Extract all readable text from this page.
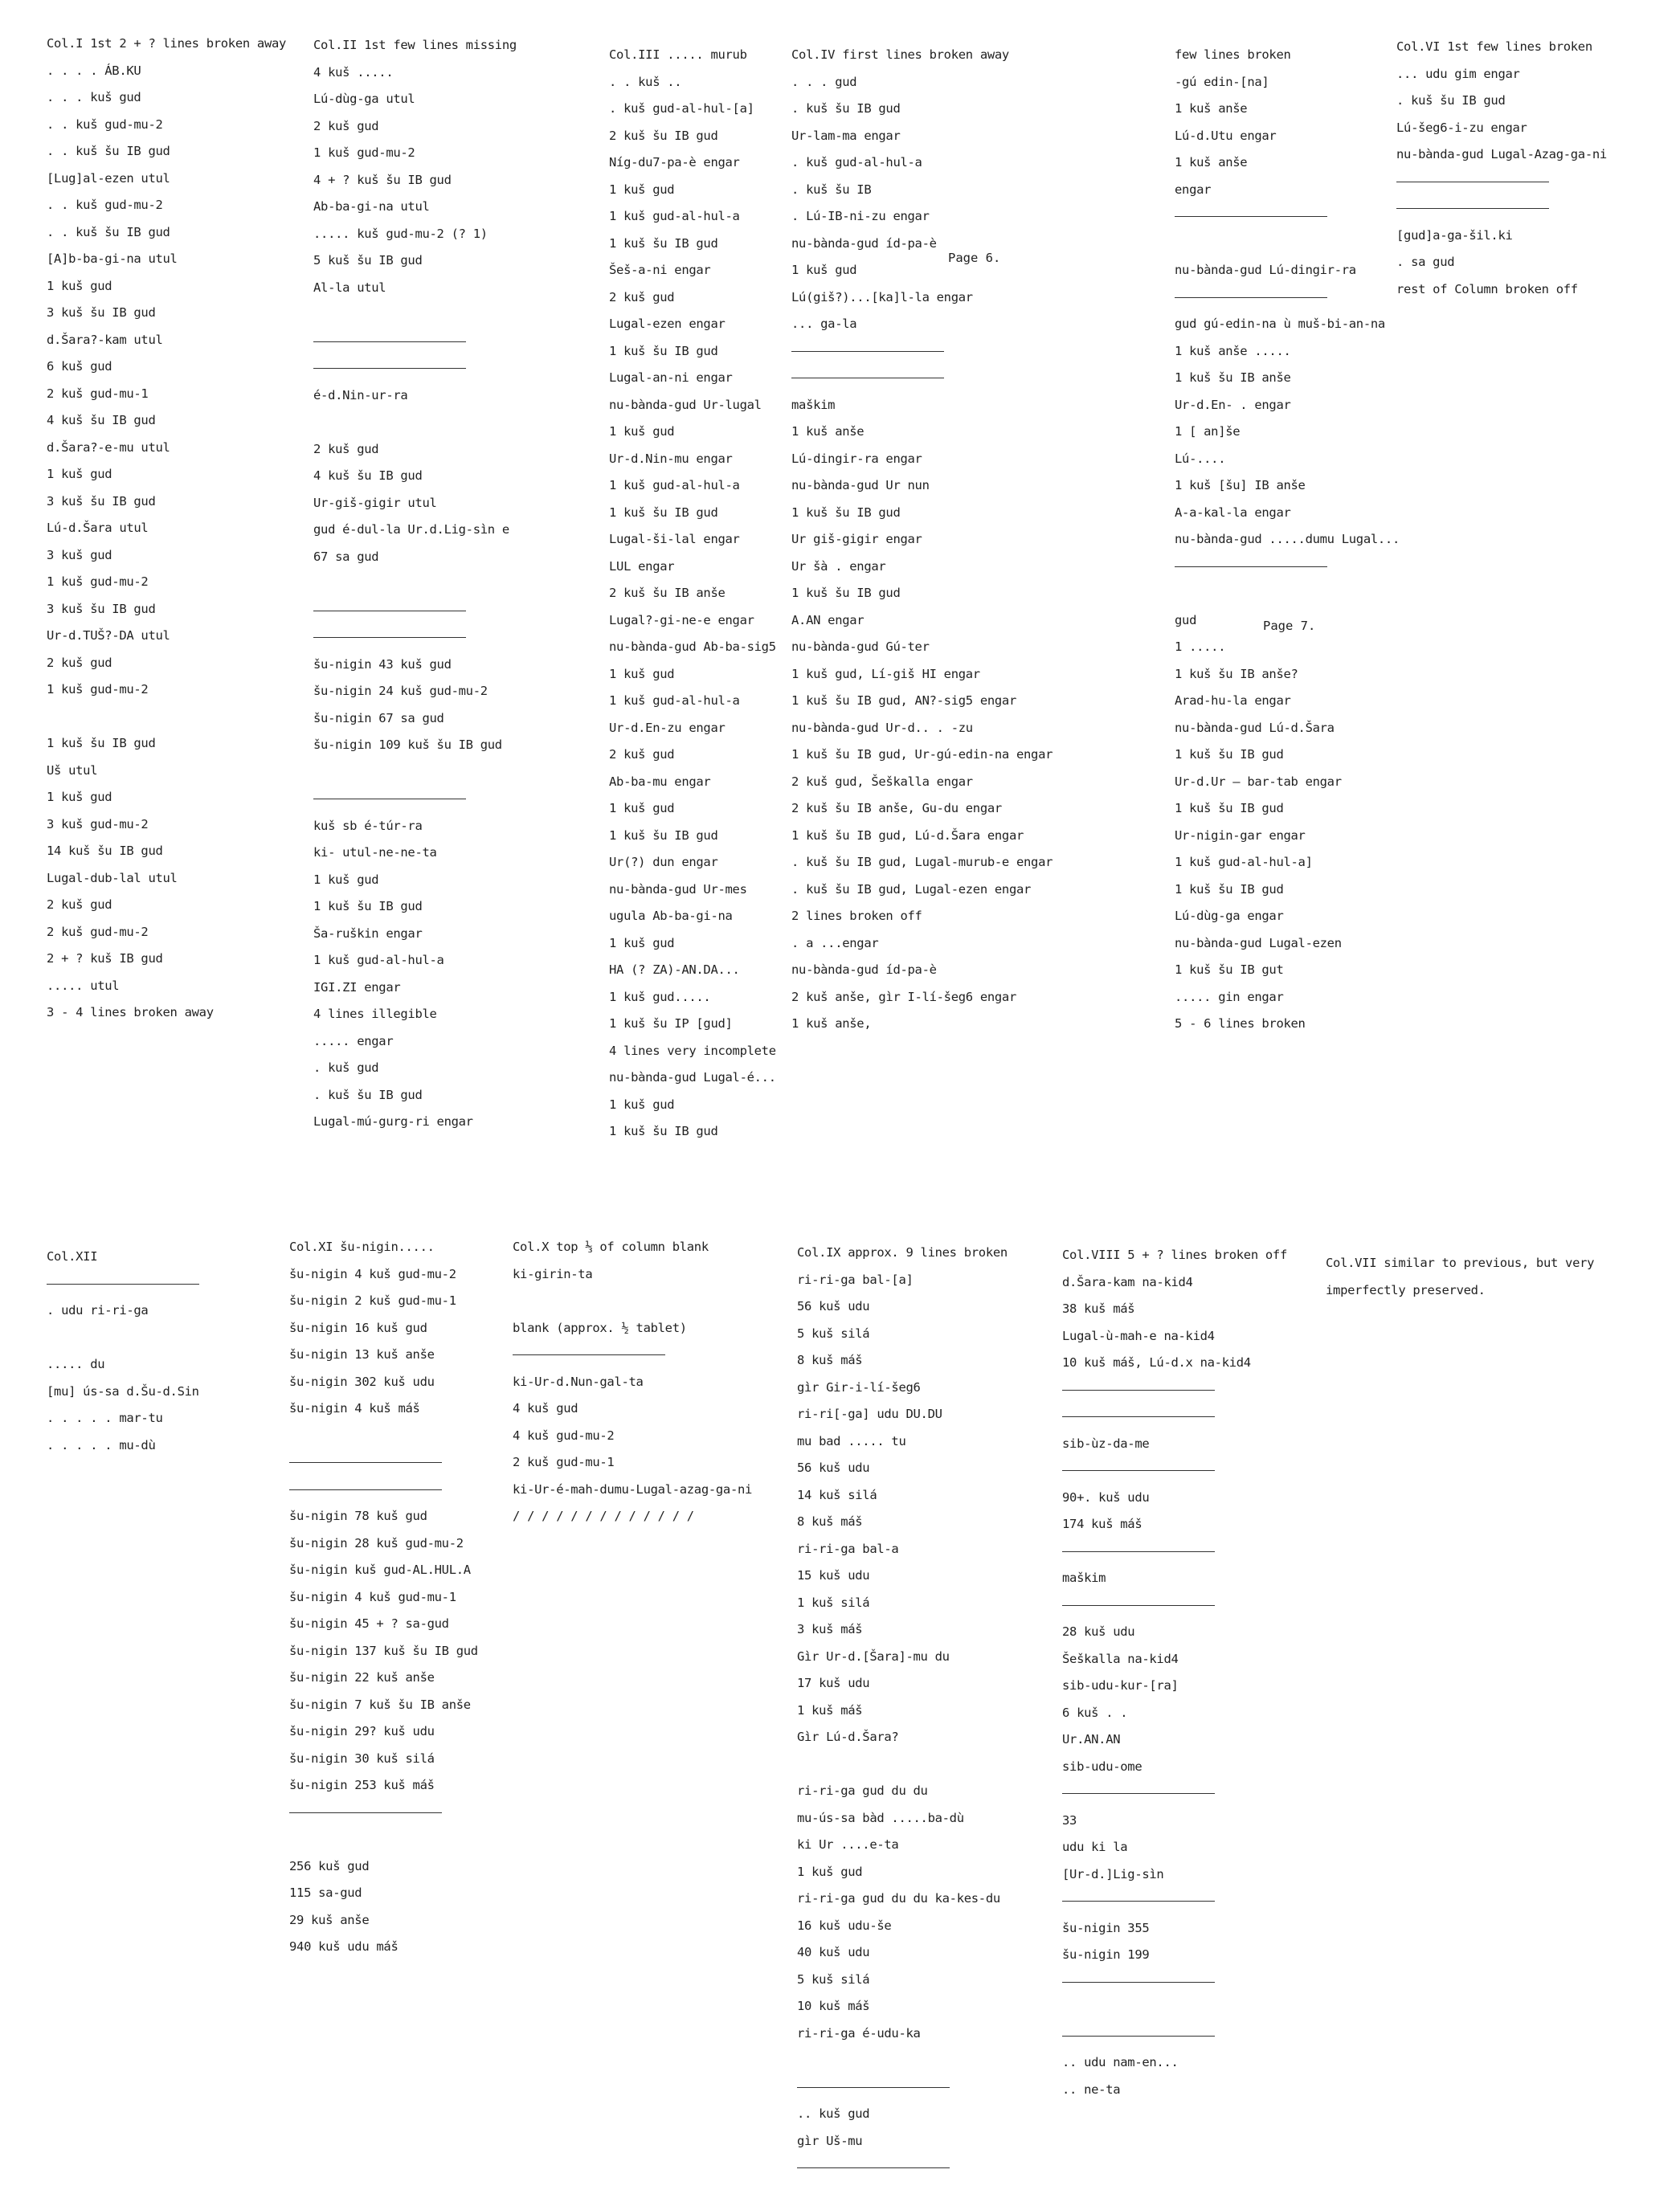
Col.I 1st 2 + ? lines broken away
. . . . ÁB.KU
. . . kuš gud
. . kuš gud-mu-2
. . kuš šu IB gud
[Lug]al-ezen utul
. . kuš gud-mu-2
. . kuš šu IB gud
[A]b-ba-gi-na utul
1 kuš gud
3 kuš šu IB gud
d.Šara?-kam utul
6 kuš gud
2 kuš gud-mu-1
4 kuš šu IB gud
d.Šara?-e-mu utul
1 kuš gud
3 kuš šu IB gud
Lú-d.Šara utul
3 kuš gud
1 kuš gud-mu-2
3 kuš šu IB gud
Ur-d.TUŠ?-DA utul
2 kuš gud
1 kuš gud-mu-2
1 kuš šu IB gud
Uš utul
1 kuš gud
3 kuš gud-mu-2
14 kuš šu IB gud
Lugal-dub-lal utul
2 kuš gud
2 kuš gud-mu-2
2 + ? kuš IB gud
..... utul
3 - 4 lines broken away
Col.II 1st few lines missing
4 kuš .....
Lú-dùg-ga utul
2 kuš gud
1 kuš gud-mu-2
4 + ? kuš šu IB gud
Ab-ba-gi-na utul
..... kuš gud-mu-2 (? 1)
5 kuš šu IB gud
Al-la utul
é-d.Nin-ur-ra
2 kuš gud
4 kuš šu IB gud
Ur-giš-gigir utul
gud é-dul-la Ur.d.Lig-sìn e
67 sa gud
šu-nigin 43 kuš gud
šu-nigin 24 kuš gud-mu-2
šu-nigin 67 sa gud
šu-nigin 109 kuš šu IB gud
kuš sb é-túr-ra
ki- utul-ne-ne-ta
1 kuš gud
1 kuš šu IB gud
Ša-ruškin engar
1 kuš gud-al-hul-a
IGI.ZI engar
4 lines illegible
..... engar
. kuš gud
. kuš šu IB gud
Lugal-mú-gurg-ri engar
Col.III ..... murub
. . kuš ..
. kuš gud-al-hul-[a]
2 kuš šu IB gud
Níg-du7-pa-è engar
1 kuš gud
1 kuš gud-al-hul-a
1 kuš šu IB gud
Šeš-a-ni engar
2 kuš gud
Lugal-ezen engar
1 kuš šu IB gud
Lugal-an-ni engar
nu-bànda-gud Ur-lugal
1 kuš gud
Ur-d.Nin-mu engar
1 kuš gud-al-hul-a
1 kuš šu IB gud
Lugal-ši-lal engar
LUL engar
2 kuš šu IB anše
Lugal?-gi-ne-e engar
nu-bànda-gud Ab-ba-sig5
1 kuš gud
1 kuš gud-al-hul-a
Ur-d.En-zu engar
2 kuš gud
Ab-ba-mu engar
1 kuš gud
1 kuš šu IB gud
Ur(?) dun engar
nu-bànda-gud Ur-mes
ugula Ab-ba-gi-na
1 kuš gud
HA (? ZA)-AN.DA...
1 kuš gud.....
1 kuš šu IP [gud]
4 lines very incomplete
nu-bànda-gud Lugal-é...
1 kuš gud
1 kuš šu IB gud
Col.IV first lines broken away
. . . gud
. kuš šu IB gud
Ur-lam-ma engar
. kuš gud-al-hul-a
. kuš šu IB
. Lú-IB-ni-zu engar
nu-bànda-gud íd-pa-è
1 kuš gud
Lú(giš?)...[ka]l-la engar
... ga-la
maškim
1 kuš anše
Lú-dingir-ra engar
nu-bànda-gud Ur nun
1 kuš šu IB gud
Ur giš-gigir engar
Ur šà . engar
1 kuš šu IB gud
A.AN engar
nu-bànda-gud Gú-ter
1 kuš gud, Lí-giš HI engar
1 kuš šu IB gud, AN?-sig5 engar
nu-bànda-gud Ur-d.. . -zu
1 kuš šu IB gud, Ur-gú-edin-na engar
2 kuš gud, Šeškalla engar
2 kuš šu IB anše, Gu-du engar
1 kuš šu IB gud, Lú-d.Šara engar
. kuš šu IB gud, Lugal-murub-e engar
. kuš šu IB gud, Lugal-ezen engar
2 lines broken off
. a ...engar
nu-bànda-gud íd-pa-è
2 kuš anše, gìr I-lí-šeg6 engar
1 kuš anše,
few lines broken
-gú edin-[na]
1 kuš anše
Lú-d.Utu engar
1 kuš anše
engar
nu-bànda-gud Lú-dingir-ra
gud gú-edin-na ù muš-bi-an-na
1 kuš anše .....
1 kuš šu IB anše
Ur-d.En- . engar
1 [ an]še
Lú-....
1 kuš [šu] IB anše
A-a-kal-la engar
nu-bànda-gud .....dumu Lugal...
gud
1 .....
1 kuš šu IB anše?
Arad-hu-la engar
nu-bànda-gud Lú-d.Šara
1 kuš šu IB gud
Ur-d.Ur — bar-tab engar
1 kuš šu IB gud
Ur-nigin-gar engar
1 kuš gud-al-hul-a]
1 kuš šu IB gud
Lú-dùg-ga engar
nu-bànda-gud Lugal-ezen
1 kuš šu IB gut
..... gin engar
5 - 6 lines broken
Col.VI 1st few lines broken
... udu gim engar
. kuš šu IB gud
Lú-šeg6-i-zu engar
nu-bànda-gud Lugal-Azag-ga-ni
[gud]a-ga-šil.ki
. sa gud
rest of Column broken off
Col.XII
. udu ri-ri-ga
..... du
[mu] ús-sa d.Šu-d.Sin
. . . . . mar-tu
. . . . . mu-dù
Col.XI šu-nigin.....
šu-nigin 4 kuš gud-mu-2
šu-nigin 2 kuš gud-mu-1
šu-nigin 16 kuš gud
šu-nigin 13 kuš anše
šu-nigin 302 kuš udu
šu-nigin 4 kuš máš
šu-nigin 78 kuš gud
šu-nigin 28 kuš gud-mu-2
šu-nigin kuš gud-AL.HUL.A
šu-nigin 4 kuš gud-mu-1
šu-nigin 45 + ? sa-gud
šu-nigin 137 kuš šu IB gud
šu-nigin 22 kuš anše
šu-nigin 7 kuš šu IB anše
šu-nigin 29? kuš udu
šu-nigin 30 kuš silá
šu-nigin 253 kuš máš
256 kuš gud
115 sa-gud
29 kuš anše
940 kuš udu máš
Col.X top ⅓ of column blank
ki-girin-ta
blank (approx. ½ tablet)
ki-Ur-d.Nun-gal-ta
4 kuš gud
4 kuš gud-mu-2
2 kuš gud-mu-1
ki-Ur-é-mah-dumu-Lugal-azag-ga-ni
/ / / / / / / / / / / / /
Col.IX approx. 9 lines broken
ri-ri-ga bal-[a]
56 kuš udu
5 kuš silá
8 kuš máš
gìr Gir-i-lí-šeg6
ri-ri[-ga] udu DU.DU
mu bad ..... tu
56 kuš udu
14 kuš silá
8 kuš máš
ri-ri-ga bal-a
15 kuš udu
1 kuš silá
3 kuš máš
Gìr Ur-d.[Šara]-mu du
17 kuš udu
1 kuš máš
Gìr Lú-d.Šara?
ri-ri-ga gud du du
mu-ús-sa bàd .....ba-dù
ki Ur ....e-ta
1 kuš gud
ri-ri-ga gud du du ka-kes-du
16 kuš udu-še
40 kuš udu
5 kuš silá
10 kuš máš
ri-ri-ga é-udu-ka
.. kuš gud
gìr Uš-mu
Col.VIII 5 + ? lines broken off
d.Šara-kam na-kid4
38 kuš máš
Lugal-ù-mah-e na-kid4
10 kuš máš, Lú-d.x na-kid4
sib-ùz-da-me
90+. kuš udu
174 kuš máš
maškim
28 kuš udu
Šeškalla na-kid4
sib-udu-kur-[ra]
6 kuš . .
Ur.AN.AN
sib-udu-ome
33
udu ki la
[Ur-d.]Lig-sìn
šu-nigin 355
šu-nigin 199
.. udu nam-en...
.. ne-ta
Col.VII similar to previous, but very
imperfectly preserved.
Page 6.
Page 7.
